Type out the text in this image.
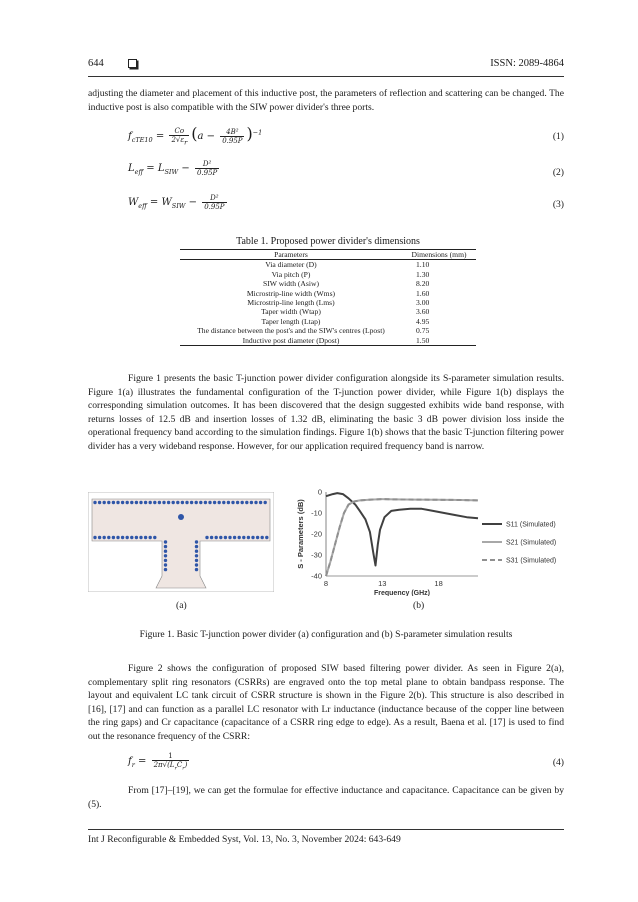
644	ISSN: 2089-4864

adjusting the diameter and placement of this inductive post, the parameters of reflection and scattering can be changed. The inductive post is also compatible with the SIW power divider's three ports.

$f_{cTE10} = \frac{Co}{2√\varepsilon_r} (a - \frac{\text{4B²}}{0.95P} )^{-1}$	(1)
$L_{eff} = L_{SIW} - \frac{\text{D²}}{0.95P}$	(2)
$W_{eff} = W_{SIW} - \frac{\text{D²}}{0.95P}$	(3)
Table 1. Proposed power divider's dimensions
Parameters	Dimensions (mm)
Via diameter (D)	1.10
Via pitch (P)	1.30
SIW width (Asiw)	8.20
Microstrip-line width (Wms)	1.60
Microstrip-line length (Lms)	3.00
Taper width (Wtap)	3.60
Taper length (Ltap)	4.95
The distance between the post's and the SIW's centres (Lpost)	0.75
Inductive post diameter (Dpost)	1.50

Figure 1 presents the basic T-junction power divider configuration alongside its S-parameter simulation results. Figure 1(a) illustrates the fundamental configuration of the T-junction power divider, while Figure 1(b) displays the corresponding simulation outcomes. It has been discovered that the design suggested exhibits wide band response, with returns losses of 12.5 dB and insertion losses of 1.32 dB, eliminating the basic 3 dB power division loss inside the operational frequency band according to the simulation findings. Figure 1(b) shows that the basic T-junction filtering power divider has a very wideband response. However, for our application required frequency band is narrow.

(a)
0
-10
-20
-30
-40
8	13	18
Frequency (GHz)
S - Parameters (dB)	S11 (Simulated)
S21 (Simulated)
S31 (Simulated)
(b)
Figure 1. Basic T-junction power divider (a) configuration and (b) S-parameter simulation results

Figure 2 shows the configuration of proposed SIW based filtering power divider. As seen in Figure 2(a), complementary split ring resonators (CSRRs) are engraved onto the top metal plane to obtain bandpass response. The layout and equivalent LC tank circuit of CSRR structure is shown in the Figure 2(b). This structure is also described in [16], [17] and can function as a parallel LC resonator with Lr inductance (inductance because of the copper line between the ring gaps) and Cr capacitance (capacitance of a CSRR ring edge to edge). As a result, Baena et al. [17] is used to find out the resonance frequency of the CSRR:

$f_r = \frac{1}{2\pi√(L_rC_r)}$	(4)

From [17]–[19], we can get the formulae for effective inductance and capacitance. Capacitance can be given by (5).

Int J Reconfigurable & Embedded Syst, Vol. 13, No. 3, November 2024: 643-649
